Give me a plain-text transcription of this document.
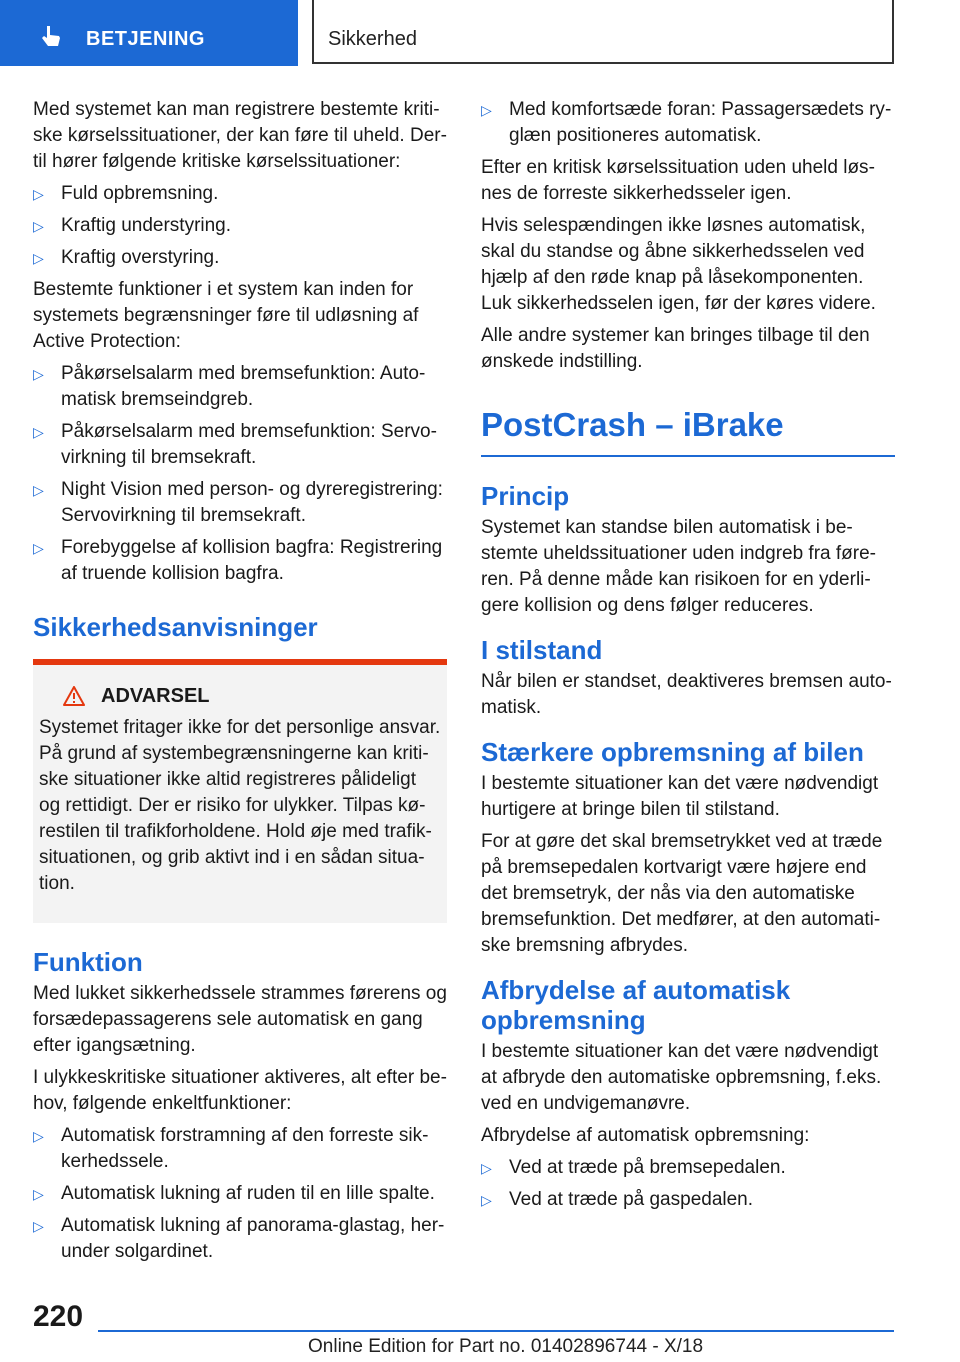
BETJENING	Sikkerhed

Med systemet kan man registrere bestemte kritiske kørselssituationer, der kan føre til uheld. Dertil hører følgende kritiske kørselssituationer:

▷ Fuld opbremsning.
▷ Kraftig understyring.
▷ Kraftig overstyring.

Bestemte funktioner i et system kan inden for systemets begrænsninger føre til udløsning af Active Protection:

▷ Påkørselsalarm med bremsefunktion: Automatisk bremseindgreb.
▷ Påkørselsalarm med bremsefunktion: Servovirkning til bremsekraft.
▷ Night Vision med person- og dyreregistrering: Servovirkning til bremsekraft.
▷ Forebyggelse af kollision bagfra: Registrering af truende kollision bagfra.
Sikkerhedsanvisninger
ADVARSEL

Systemet fritager ikke for det personlige ansvar. På grund af systembegrænsningerne kan kritiske situationer ikke altid registreres pålideligt og rettidigt. Der er risiko for ulykker. Tilpas kørestilen til trafikforholdene. Hold øje med trafiksituationen, og grib aktivt ind i en sådan situation.

Funktion

Med lukket sikkerhedssele strammes førerens og forsædepassagerens sele automatisk en gang efter igangsætning.

I ulykkeskritiske situationer aktiveres, alt efter behov, følgende enkeltfunktioner:

▷ Automatisk forstramning af den forreste sikkerhedssele.
▷ Automatisk lukning af ruden til en lille spalte.
▷ Automatisk lukning af panorama-glastag, herunder solgardinet.
▷ Med komfortsæde foran: Passagersædets ryglæn positioneres automatisk.

Efter en kritisk kørselssituation uden uheld løsnes de forreste sikkerhedsseler igen.

Hvis selespændingen ikke løsnes automatisk, skal du standse og åbne sikkerhedsselen ved hjælp af den røde knap på låsekomponenten. Luk sikkerhedsselen igen, før der køres videre.

Alle andre systemer kan bringes tilbage til den ønskede indstilling.

PostCrash – iBrake
Princip

Systemet kan standse bilen automatisk i bestemte uheldssituationer uden indgreb fra føreren. På denne måde kan risikoen for en yderligere kollision og dens følger reduceres.

I stilstand

Når bilen er standset, deaktiveres bremsen automatisk.

Stærkere opbremsning af bilen

I bestemte situationer kan det være nødvendigt hurtigere at bringe bilen til stilstand.

For at gøre det skal bremsetrykket ved at træde på bremsepedalen kortvarigt være højere end det bremsetryk, der nås via den automatiske bremsefunktion. Det medfører, at den automatiske bremsning afbrydes.

Afbrydelse af automatisk opbremsning

I bestemte situationer kan det være nødvendigt at afbryde den automatiske opbremsning, f.eks. ved en undvigemanøvre.

Afbrydelse af automatisk opbremsning:

▷ Ved at træde på bremsepedalen.
▷ Ved at træde på gaspedalen.
220
Online Edition for Part no. 01402896744 - X/18
